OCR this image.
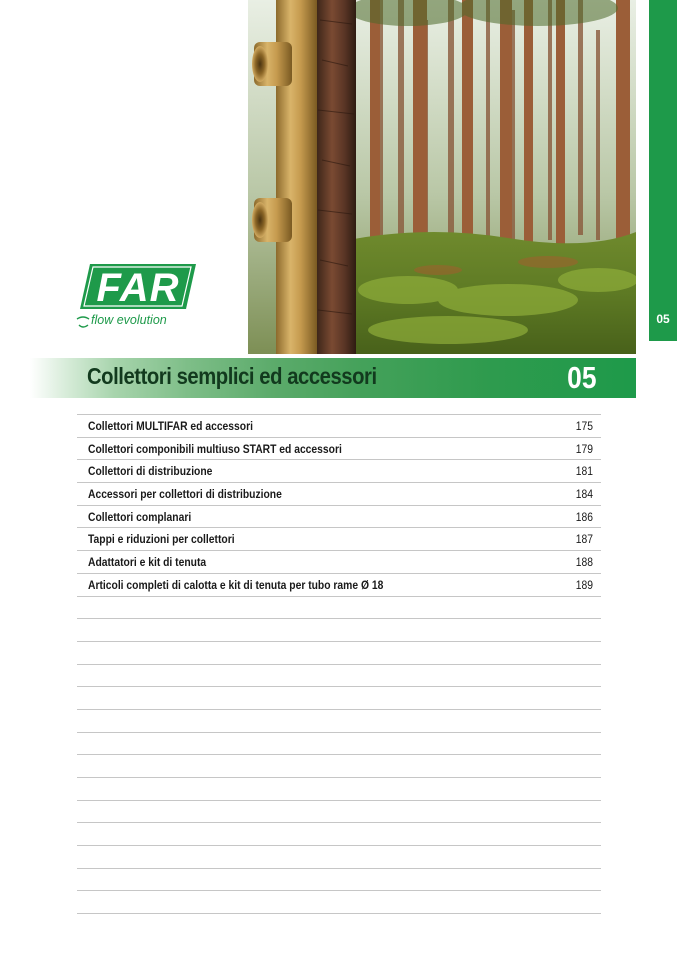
05
FAR
flow evolution
Collettori semplici ed accessori	05
Collettori MULTIFAR ed accessori	175
Collettori componibili multiuso START ed accessori	179
Collettori di distribuzione	181
Accessori per collettori di distribuzione	184
Collettori complanari	186
Tappi e riduzioni per collettori	187
Adattatori e kit di tenuta	188
Articoli completi di calotta e kit di tenuta per tubo rame Ø 18	189
